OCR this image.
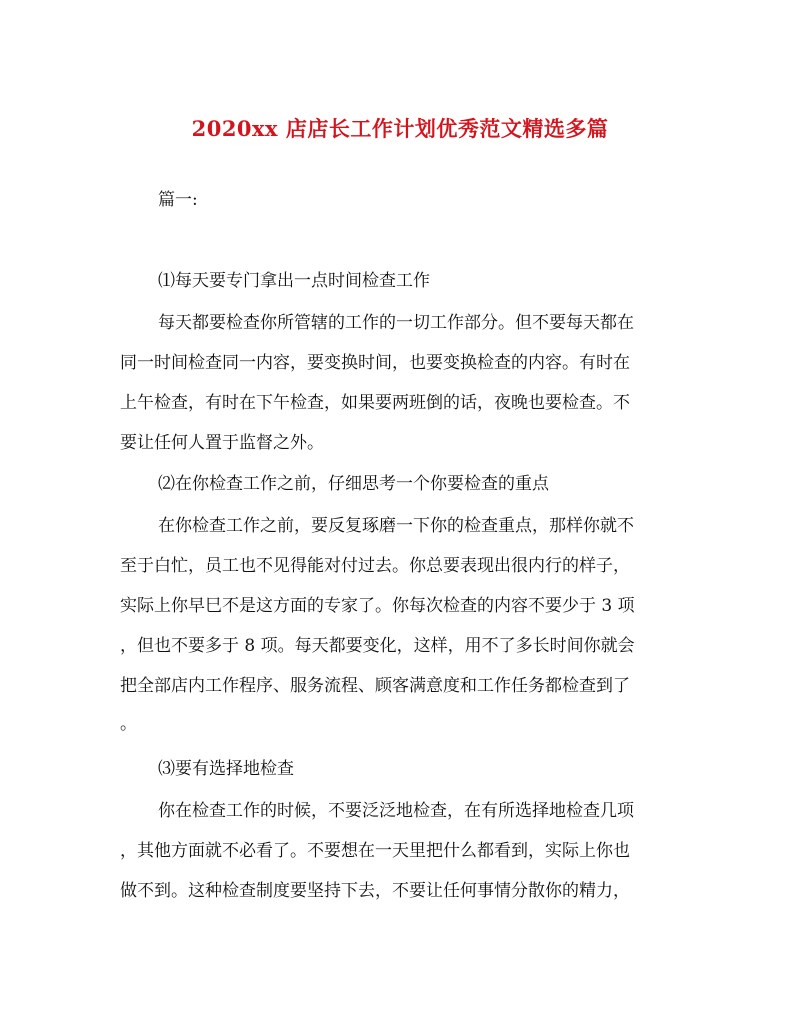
2020xx 店店长工作计划优秀范文精选多篇
篇一:
⑴每天要专门拿出一点时间检查工作
每天都要检查你所管辖的工作的一切工作部分。但不要每天都在
同一时间检查同一内容，要变换时间，也要变换检查的内容。有时在
上午检查，有时在下午检查，如果要两班倒的话，夜晚也要检查。不
要让任何人置于监督之外。
⑵在你检查工作之前，仔细思考一个你要检查的重点
在你检查工作之前，要反复琢磨一下你的检查重点，那样你就不
至于白忙，员工也不见得能对付过去。你总要表现出很内行的样子，
实际上你早巳不是这方面的专家了。你每次检查的内容不要少于 3 项
，但也不要多于 8 项。每天都要变化，这样，用不了多长时间你就会
把全部店内工作程序、服务流程、顾客满意度和工作任务都检查到了
。
⑶要有选择地检查
你在检查工作的时候，不要泛泛地检查，在有所选择地检查几项
，其他方面就不必看了。不要想在一天里把什么都看到，实际上你也
做不到。这种检查制度要坚持下去，不要让任何事情分散你的精力，
